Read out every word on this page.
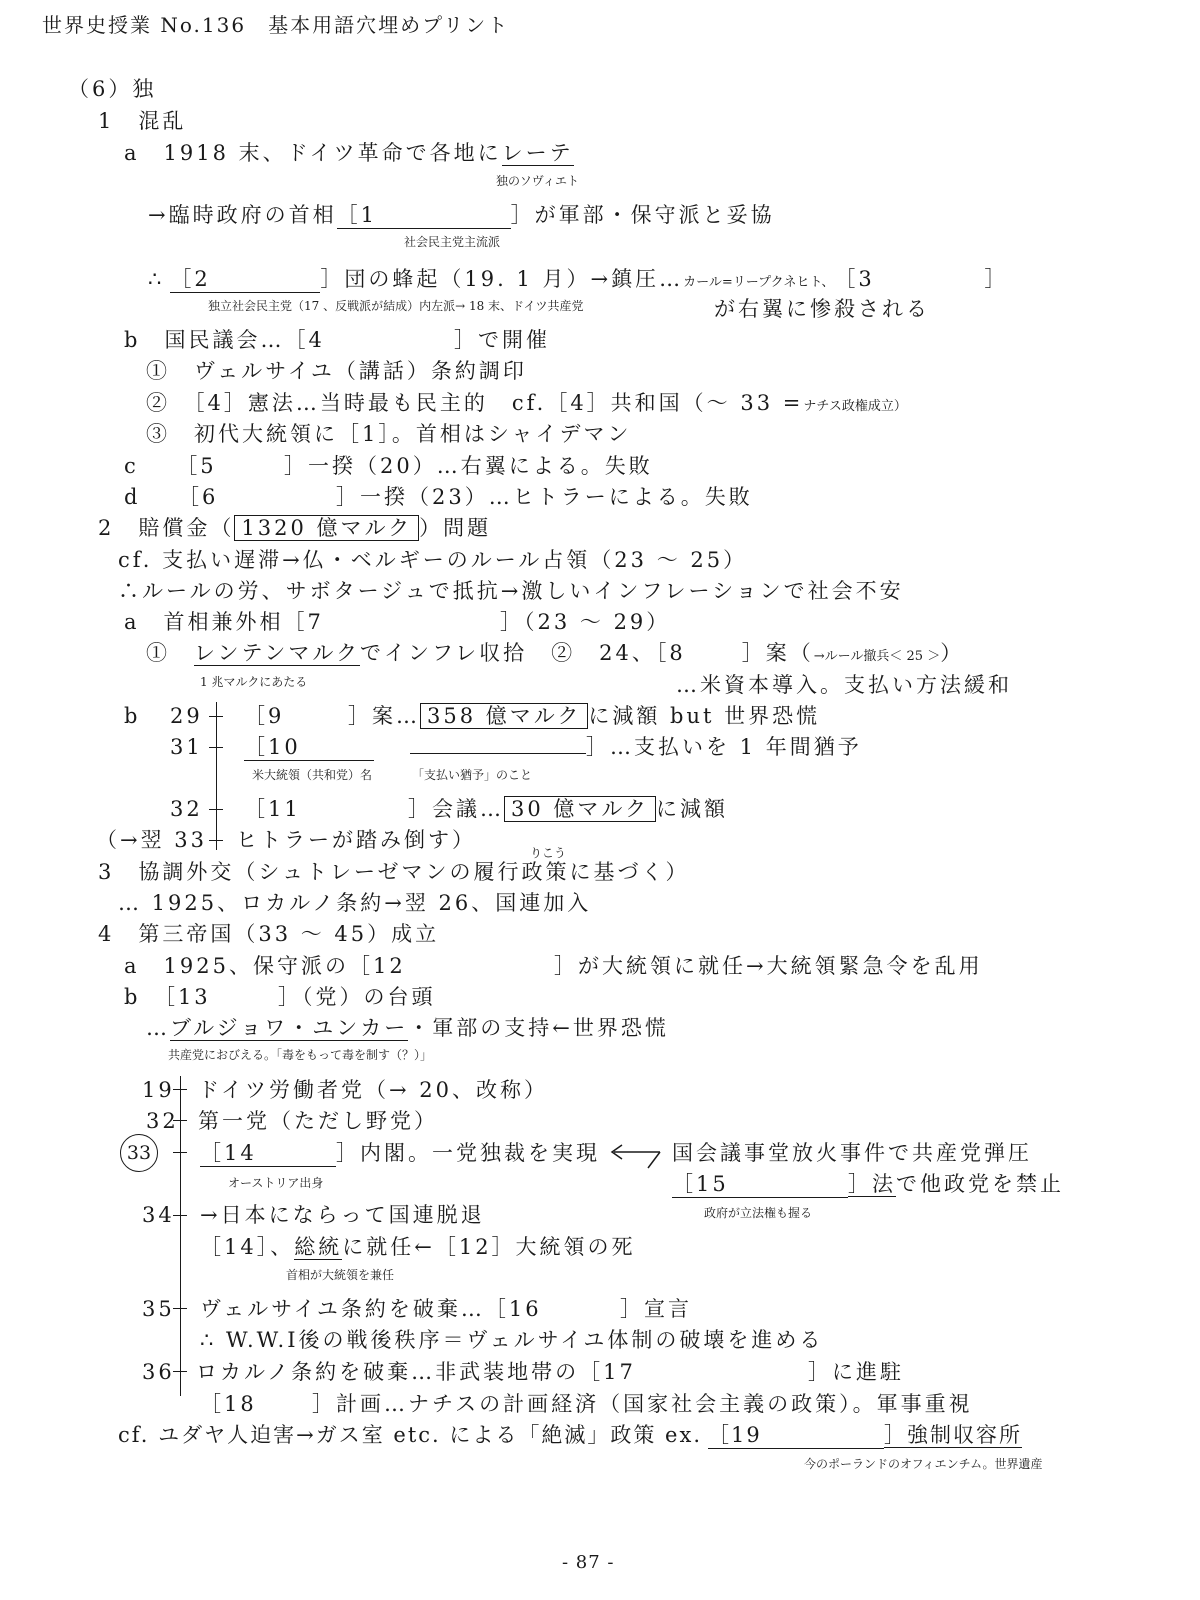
世界史授業 No.136　基本用語穴埋めプリント
（6）独
1　混乱
a　1918 末、ドイツ革命で各地にレーテ
独のソヴィエト
→臨時政府の首相［1	］が軍部・保守派と妥協
社会民主党主流派
∴ ［2	］団の蜂起（19. 1 月）→鎮圧…カール=リープクネヒト、［3	］
独立社会民主党（17 、反戦派が結成）内左派→ 18 末、ドイツ共産党	が右翼に惨殺される
b　国民議会…［4	］で開催
①　ヴェルサイユ（講話）条約調印
②　［4］憲法…当時最も民主的　cf.［4］共和国（～ 33 =ナチス政権成立）
③　初代大統領に［1］。首相はシャイデマン
c　　［5	］一揆（20）…右翼による。失敗
d　　［6	］一揆（23）…ヒトラーによる。失敗
2　賠償金（ 1320 億マルク ）問題
cf. 支払い遅滞→仏・ベルギーのルール占領（23 ～ 25）
∴ルールの労、サボタージュで抵抗→激しいインフレーションで社会不安
a　首相兼外相［7	］（23 ～ 29）
①　レンテンマルクでインフレ収拾　②　24、［8	］案（→ルール撤兵＜ 25 ＞）
1 兆マルクにあたる	…米資本導入。支払い方法緩和
b 29 ［9	］案… 358 億マルク に減額 but 世界恐慌
31 ［10	］…支払いを 1 年間猶予
米大統領（共和党）名	「支払い猶予」のこと
32 ［11	］会議… 30 億マルク に減額
（→翌 33 ヒトラーが踏み倒す）
りこう
3　協調外交（シュトレーゼマンの履行政策に基づく）
… 1925、ロカルノ条約→翌 26、国連加入
4　第三帝国（33 ～ 45）成立
a　1925、保守派の［12	］が大統領に就任→大統領緊急令を乱用
b　［13	］（党）の台頭
…ブルジョワ・ユンカー・軍部の支持←世界恐慌
共産党におびえる。「毒をもって毒を制す（？）」
19 ドイツ労働者党（→ 20、改称）
32 第一党（ただし野党）
33	［14	］内閣。一党独裁を実現
オーストリア出身
国会議事堂放火事件で共産党弾圧
［15	］法で他政党を禁止
政府が立法権も握る
34 →日本にならって国連脱退
［14］、総統に就任←［12］大統領の死
首相が大統領を兼任
35 ヴェルサイユ条約を破棄…［16	］宣言
∴ W.W.Ⅰ後の戦後秩序＝ヴェルサイユ体制の破壊を進める
36 ロカルノ条約を破棄…非武装地帯の［17	］に進駐
［18	］計画…ナチスの計画経済（国家社会主義の政策）。軍事重視
cf. ユダヤ人迫害→ガス室 etc. による「絶滅」政策 ex. ［19	］強制収容所
今のポーランドのオフィエンチム。世界遺産
- 87 -
